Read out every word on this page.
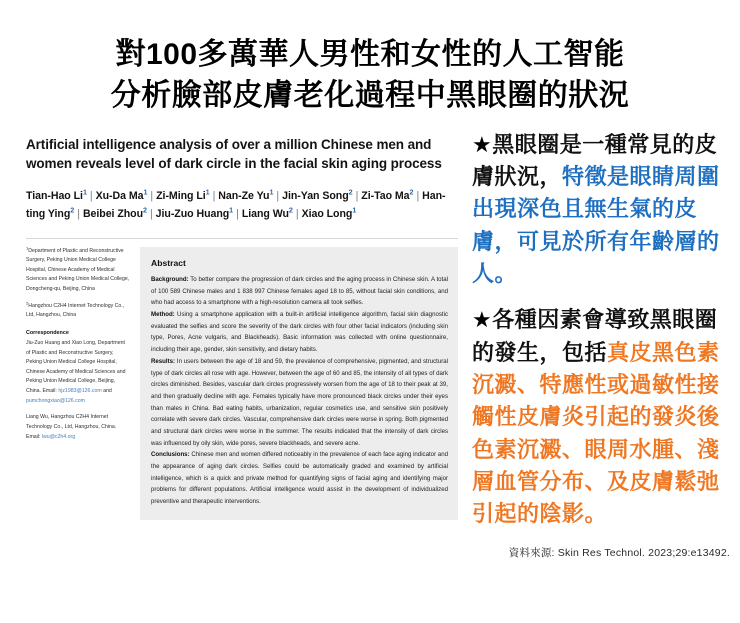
對100多萬華人男性和女性的人工智能
分析臉部皮膚老化過程中黑眼圈的狀況
Artificial intelligence analysis of over a million Chinese men and women reveals level of dark circle in the facial skin aging process
Tian-Hao Li$^1$ | Xu-Da Ma$^1$ | Zi-Ming Li$^1$ | Nan-Ze Yu$^1$ | Jin-Yan Song$^2$ | Zi-Tao Ma$^2$ | Han-ting Ying$^2$ | Beibei Zhou$^2$ | Jiu-Zuo Huang$^1$ | Liang Wu$^2$ | Xiao Long$^1$

$^1$Department of Plastic and Reconstructive Surgery, Peking Union Medical College Hospital, Chinese Academy of Medical Sciences and Peking Union Medical College, Dongcheng-qu, Beijing, China

$^2$Hangzhou C2H4 Internet Technology Co., Ltd, Hangzhou, China

Correspondence

Jiu-Zuo Huang and Xiao Long, Department of Plastic and Reconstructive Surgery, Peking Union Medical College Hospital, Chinese Academy of Medical Sciences and Peking Union Medical College, Beijing, China. Email: hjz1983@126.com and pumchongxiao@126.com

Liang Wu, Hangzhou C2H4 Internet Technology Co., Ltd, Hangzhou, China. Email: lwu@c2h4.org

Abstract

Background: To better compare the progression of dark circles and the aging process in Chinese skin. A total of 100 589 Chinese males and 1 838 997 Chinese females aged 18 to 85, without facial skin conditions, and who had access to a smartphone with a high-resolution camera all took selfies.

Method: Using a smartphone application with a built-in artificial intelligence algorithm, facial skin diagnostic evaluated the selfies and score the severity of the dark circles with four other facial indicators (including skin type, Pores, Acne vulgaris, and Blackheads). Basic information was collected with online questionnaire, including their age, gender, skin sensitivity, and dietary habits.

Results: In users between the age of 18 and 59, the prevalence of comprehensive, pigmented, and structural type of dark circles all rose with age. However, between the age of 60 and 85, the intensity of all types of dark circles diminished. Besides, vascular dark circles progressively worsen from the age of 18 to their peak at 39, and then gradually decline with age. Females typically have more pronounced black circles under their eyes than males in China. Bad eating habits, urbanization, regular cosmetics use, and sensitive skin positively correlate with severe dark circles. Vascular, comprehensive dark circles were worse in spring. Both pigmented and structural dark circles were worse in the summer. The results indicated that the intensity of dark circles was influenced by oily skin, wide pores, severe blackheads, and severe acne.

Conclusions: Chinese men and women differed noticeably in the prevalence of each face aging indicator and the appearance of aging dark circles. Selfies could be automatically graded and examined by artificial intelligence, which is a quick and private method for quantifying signs of facial aging and identifying major problems for different populations. Artificial intelligence would assist in the development of individualized preventive and therapeutic interventions.

★黑眼圈是一種常見的皮膚狀況，特徵是眼睛周圍出現深色且無生氣的皮膚，可見於所有年齡層的人。

★各種因素會導致黑眼圈的發生，包括真皮黑色素沉澱、特應性或過敏性接觸性皮膚炎引起的發炎後色素沉澱、眼周水腫、淺層血管分布、及皮膚鬆弛引起的陰影。

資料來源: Skin Res Technol. 2023;29:e13492.
